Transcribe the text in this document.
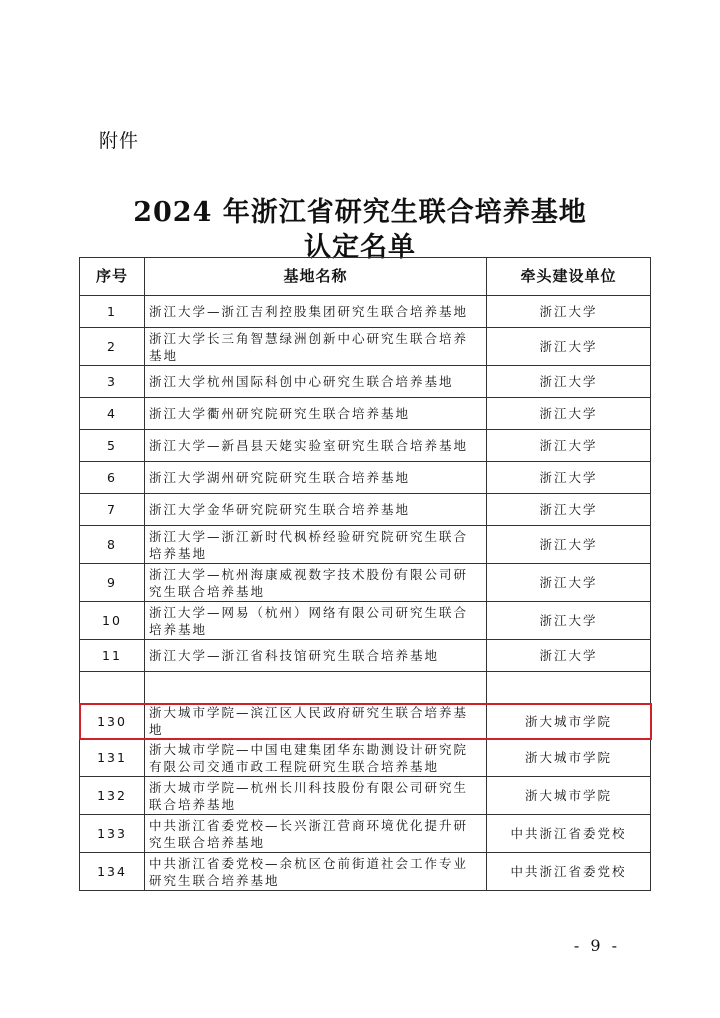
附件
2024 年浙江省研究生联合培养基地
认定名单
序号	基地名称	牵头建设单位
1	浙江大学—浙江吉利控股集团研究生联合培养基地	浙江大学
2	浙江大学长三角智慧绿洲创新中心研究生联合培养基地	浙江大学
3	浙江大学杭州国际科创中心研究生联合培养基地	浙江大学
4	浙江大学衢州研究院研究生联合培养基地	浙江大学
5	浙江大学—新昌县天姥实验室研究生联合培养基地	浙江大学
6	浙江大学湖州研究院研究生联合培养基地	浙江大学
7	浙江大学金华研究院研究生联合培养基地	浙江大学
8	浙江大学—浙江新时代枫桥经验研究院研究生联合培养基地	浙江大学
9	浙江大学—杭州海康威视数字技术股份有限公司研究生联合培养基地	浙江大学
10	浙江大学—网易（杭州）网络有限公司研究生联合培养基地	浙江大学
11	浙江大学—浙江省科技馆研究生联合培养基地	浙江大学

130	浙大城市学院—滨江区人民政府研究生联合培养基地	浙大城市学院
131	浙大城市学院—中国电建集团华东勘测设计研究院有限公司交通市政工程院研究生联合培养基地	浙大城市学院
132	浙大城市学院—杭州长川科技股份有限公司研究生联合培养基地	浙大城市学院
133	中共浙江省委党校—长兴浙江营商环境优化提升研究生联合培养基地	中共浙江省委党校
134	中共浙江省委党校—余杭区仓前街道社会工作专业研究生联合培养基地	中共浙江省委党校
- 9 -
